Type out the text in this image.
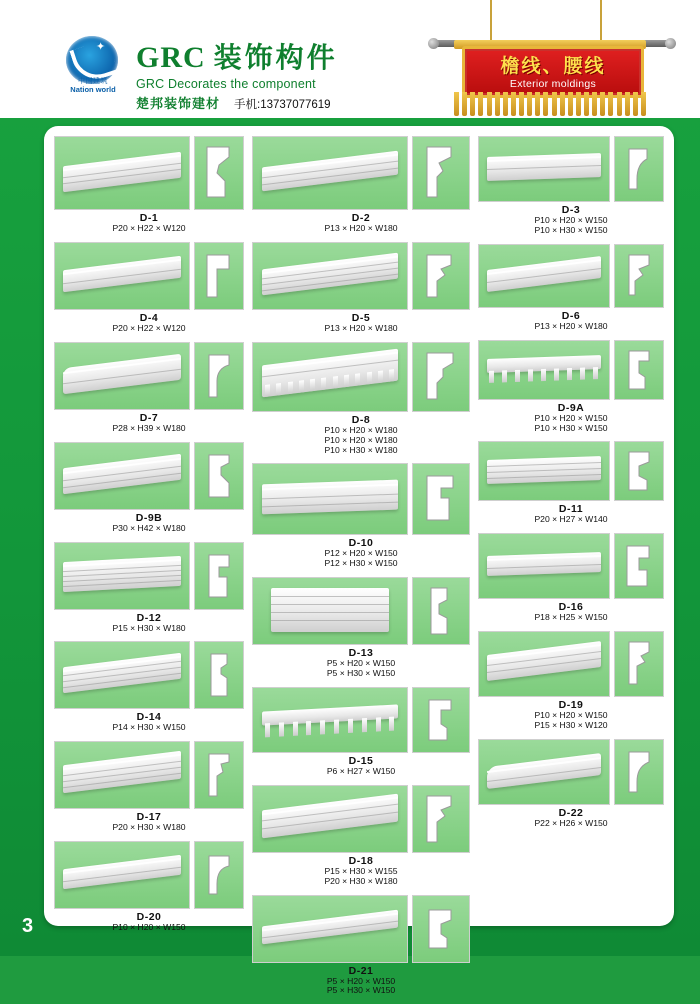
✦
中国建筑
Nation world
GRC 装饰构件
GRC Decorates the component
楚邦装饰建材 手机:13737077619
檐线、腰线
Exterior moldings
D-1
P20 × H22 × W120
D-4
P20 × H22 × W120
D-7
P28 × H39 × W180
D-9B
P30 × H42 × W180
D-12
P15 × H30 × W180
D-14
P14 × H30 × W150
D-17
P20 × H30 × W180
D-20
P10 × H20 × W150
D-2
P13 × H20 × W180
D-5
P13 × H20 × W180
D-8
P10 × H20 × W180
P10 × H20 × W180
P10 × H30 × W180
D-10
P12 × H20 × W150
P12 × H30 × W150
D-13
P5 × H20 × W150
P5 × H30 × W150
D-15
P6 × H27 × W150
D-18
P15 × H30 × W155
P20 × H30 × W180
D-21
P5 × H20 × W150
P5 × H30 × W150
D-3
P10 × H20 × W150
P10 × H30 × W150
D-6
P13 × H20 × W180
D-9A
P10 × H20 × W150
P10 × H30 × W150
D-11
P20 × H27 × W140
D-16
P18 × H25 × W150
D-19
P10 × H20 × W150
P15 × H30 × W120
D-22
P22 × H26 × W150
3
